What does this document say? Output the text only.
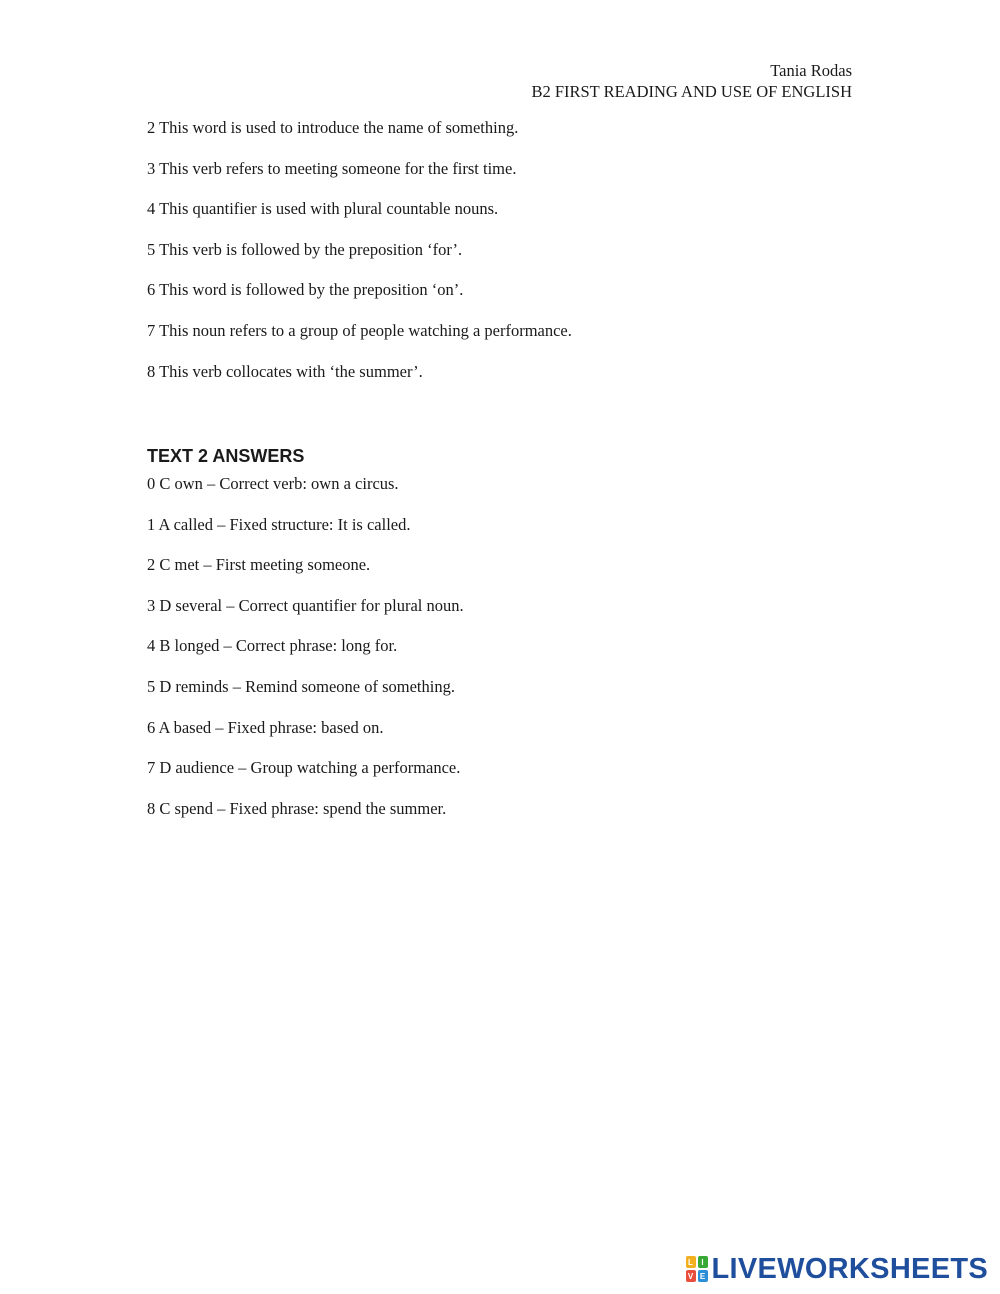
Tania Rodas
B2 FIRST READING AND USE OF ENGLISH
2 This word is used to introduce the name of something.
3 This verb refers to meeting someone for the first time.
4 This quantifier is used with plural countable nouns.
5 This verb is followed by the preposition ‘for’.
6 This word is followed by the preposition ‘on’.
7 This noun refers to a group of people watching a performance.
8 This verb collocates with ‘the summer’.
TEXT 2 ANSWERS
0 C own – Correct verb: own a circus.
1 A called – Fixed structure: It is called.
2 C met – First meeting someone.
3 D several – Correct quantifier for plural noun.
4 B longed – Correct phrase: long for.
5 D reminds – Remind someone of something.
6 A based – Fixed phrase: based on.
7 D audience – Group watching a performance.
8 C spend – Fixed phrase: spend the summer.
L	I
V E LIVEWORKSHEETS
